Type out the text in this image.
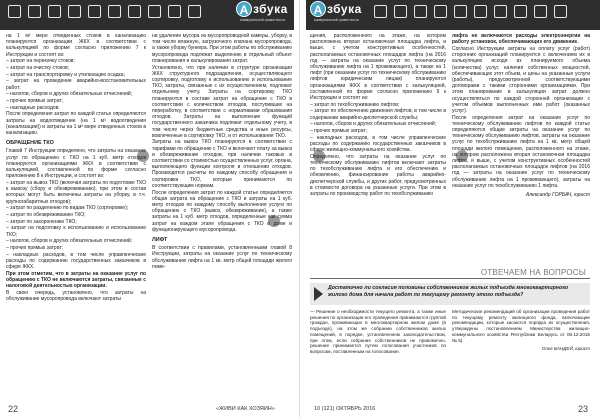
A збука
коммунальной грамотности
A збука
коммунальной грамотности

на 1 м² мере отведенных стоков в канализацию планируются организации ЖКХ в соответствии с калькуляцией по форме согласно приложению 7 к Инструкции и состоят из:

– затрат на перекачку стоков;

– затрат на очистку стоков;

– затрат на транспортировку и утилизацию осадка;

– затрат на проведение аварийно-восстановительных работ;

– налогов, сборов и других обязательных отчислений;

– прочих прямых затрат;

– накладных расходов.

После определения затрат по каждой статье определяются затраты на водоотведение (на 1 м³ водоотведения (канализации)) и затраты на 1 м³ мере отведенных стоков в канализацию.

ОБРАЩЕНИЕ ТКО

Главой 7 Инструкции определено, что затраты на оказание услуг по обращению с ТКО на 1 куб. метр отходов планируются организациями ЖКХ в соответствии с калькуляцией, составленной по форме согласно приложению 8 к Инструкции, и состоят из:

– затрат на вывоз ТКО (включая затраты по подготовке ТКО к вывозу (сбору и обезвреживанию), при этом в состав которых могут быть включены затраты на уборку, в т.ч. крупногабаритных отходов);

– затрат по разделению по видам ТКО (сортировке);

– затрат по обезвреживанию ТКО;

– затрат по захоронению ТКО;

– затрат на подготовку к использованию и использование ТКО;

– налогов, сборов и других обязательных отчислений;

– прочих прямых затрат;

– накладных расходов, в том числе управленческие расходы по содержанию государственных заказчиков в сфере ЖКХ.

При этом отметим, что в затраты на оказание услуг по обращению с ТКО не включаются затраты, связанные с налоговой деятельностью организации.

В свою очередь, установлено, что затраты на обслуживание мусоропровода включают затраты

на удаление мусора из мусоропроводной камеры, уборку, в том числе влажную, загрузочного клапана мусоропровода, а также уборку бункера. При этом работы по обслуживанию мусоропровода подлежат выделению в отдельный объект планирования и калькулирования затрат.

Установлено, что при наличии в структуре организации ЖКХ структурного подразделения, осуществляющего сортировку, подготовку к использованию и использование ТКО, затраты, связанные с их осуществлением, подлежат отдельному учету. Затраты на сортировку ТКО планируются в составе затрат на обращение с ТКО в соответствии с количеством отходов, поступивших на переработку, в соответствии с нормативами образования отходов. Затраты на выполнение функций государственного заказчика подлежат отдельному учету, в том числе через бюджетные средства и иные ресурсы, вовлеченные в сортировку ТКО, и от использования ТКО.

Затраты на вывоз ТКО планируются в соответствии с тарифами по обращению с ТКО и включают плату за вывоз и обезвреживание отходов, при наличии таковых в соответствии со стоимостью осуществленных услуг, органа, выполняющего функции контроля в отношении отходов. Производятся расчеты по каждому способу обращения и сортировки ТКО, которые принимаются по соответствующим нормам.

После определения затрат по каждой статье определяется общая затрата на обращение с ТКО и затраты на 1 куб. метр отходов по каждому способу выполнения услуги по обращению с ТКО (вывоз, обезвреживание), а также затраты на 1 куб. метр отходов, определенные как сумма затрат на каждом этапе обращения с ТКО в доме и функционирующего мусоропровода.

ЛИФТ

В соответствии с правилами, установленными главой 8 Инструкции, затраты на оказание услуг по техническому обслуживанию лифта на 1 кв. метр общей площади жилого поме-

щения, расположенного на этаже, на котором расположена вторая остановочная площадка лифта, и выше, с учетом конструктивных особенностей, располагаемых остановочных площадок лифта (на 2016 год — затраты на оказание услуг по техническому обслуживанию лифта на 1 проживающего), а также на 1 лифт (при оказании услуг по техническому обслуживанию лифтов юридическим лицам) планируются организациями ЖКХ в соответствии с калькуляцией, составленной по форме согласно приложению 9 к Инструкции и состоят из:

– затрат по техобслуживанию лифтов;

– затрат по обеспечению движения лифтов, в том числе в содержании аварийно-диспетчерской службы;

– налогов, сборов и других обязательных отчислений;

– прочих прямых затрат;

– накладных расходов, в том числе управленческие расходы по содержанию государственных заказчиков в сфере жилищно-коммунального хозяйства.

Определено, что затраты на оказание услуг по техническому обслуживанию лифтов включают затраты по техобслуживанию лифта и его обеспечению и обновлению, финансирование работы аварийно-диспетчерской службы, и других работ, предусмотренных в стоимости договора на указанные услуги. При этом в затраты по производству работ по техобслуживанию

лифта не включаются расходы электроэнергии на работу установок, обеспечивающих его движение.

Согласно Инструкции затраты на оплату услуг (работ) сторонних организаций планируются с включением их в калькуляцию исходя из планируемого объема (количества) услуг, наличия собственных мощностей, обеспечивающих этот объем, и цены на указанные услуги (работы), предусмотренной соответствующими договорами с такими сторонними организациями. При этом планирование в калькуляции затрат должно осуществляться по каждой сторонней организации с учетом объемов выполненных ими работ (оказанных услуг).

После определения затрат на оказание услуг по техническому обслуживанию лифтов по каждой статье определяются общие затраты на оказание услуг по техническому обслуживанию лифтов, затраты на оказание услуг по техобслуживанию лифта на 1 кв. метр общей площади жилого помещения, расположенного на этаже, на котором расположена вторая остановочная площадка лифта, и выше, с учетом конструктивных особенностей располагаемых остановочных площадок лифтов (на 2016 год — затраты на оказание услуг по техническому обслуживанию лифта на 1 проживающего), затраты на оказание услуг по техобслуживанию 1 лифта.

Александр ГОРБАЧ, юрист
ОТВЕЧАЕМ НА ВОПРОСЫ
Достаточно ли согласия половины собственников жилых подъезда многоквартирного жилого дома для начала работ по текущему ремонту этого подъезда?

— Решение о необходимости текущего ремонта, а также иные решения по организации его проведения принимаются группой граждан, проживающих в многоквартирном жилом доме (в подъезде), на этом же собрании собственников жилых помещений, в порядке, установленном законодательством, при этом, если собрание собственников не правомочно, решение принимается путем голосования участников по вопросам, поставленным на голосование.

Методические рекомендаций об организации проведения работ по текущему ремонту жилищного фонда, включающие рекомендации, которые касаются порядка их осуществления, утверждены постановлением Министерства жилищно-коммунального хозяйства Республики Беларусь от 06.12.2015 № 5).

Олег БАНДЕЙ, юрист
22	«ЖИВИ КАК ХОЗЯИН»	10 (121) ОКТЯБРЬ 2016	23
